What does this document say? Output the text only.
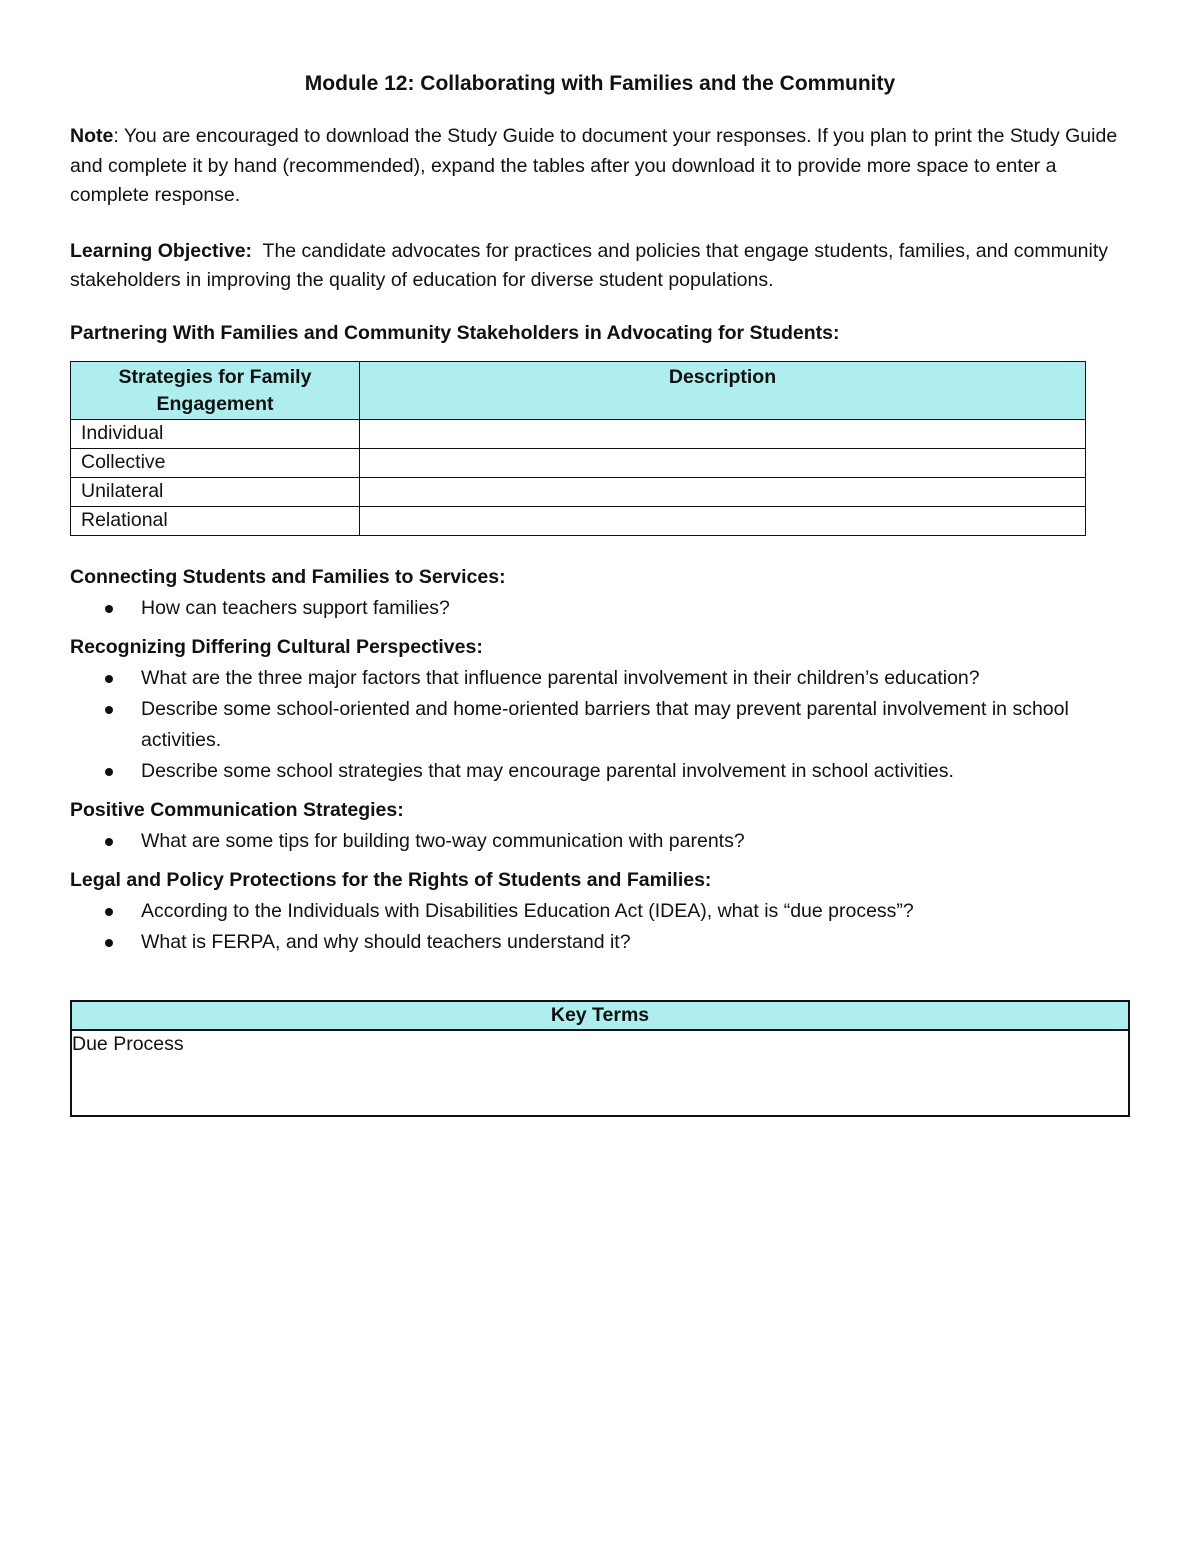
Module 12: Collaborating with Families and the Community

Note: You are encouraged to download the Study Guide to document your responses. If you plan to print the Study Guide and complete it by hand (recommended), expand the tables after you download it to provide more space to enter a complete response.

Learning Objective:  The candidate advocates for practices and policies that engage students, families, and community stakeholders in improving the quality of education for diverse student populations.

Partnering With Families and Community Stakeholders in Advocating for Students:
Strategies for Family Engagement	Description
Individual	
Collective	
Unilateral	
Relational	
Connecting Students and Families to Services:
How can teachers support families?
Recognizing Differing Cultural Perspectives:
What are the three major factors that influence parental involvement in their children’s education?
Describe some school-oriented and home-oriented barriers that may prevent parental involvement in school activities.
Describe some school strategies that may encourage parental involvement in school activities.
Positive Communication Strategies:
What are some tips for building two-way communication with parents?
Legal and Policy Protections for the Rights of Students and Families:
According to the Individuals with Disabilities Education Act (IDEA), what is “due process”?
What is FERPA, and why should teachers understand it?
Key Terms
Due Process
